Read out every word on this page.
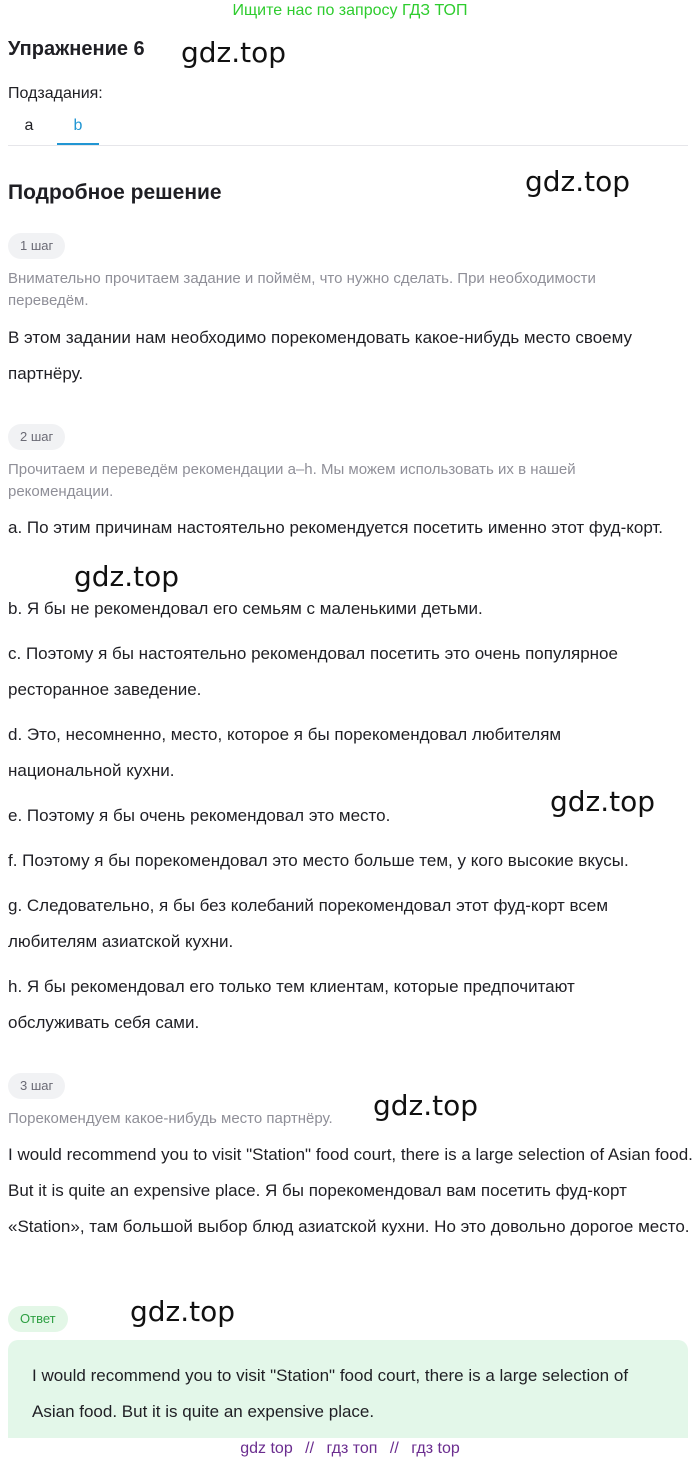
Ищите нас по запросу ГДЗ ТОП
Упражнение 6 gdz.top
Подзадания:
a	b
Подробное решение	gdz.top
1 шаг
Внимательно прочитаем задание и поймём, что нужно сделать. При необходимости переведём.
В этом задании нам необходимо порекомендовать какое-нибудь место своему партнёру.
2 шаг
Прочитаем и переведём рекомендации a–h. Мы можем использовать их в нашей рекомендации.
a. По этим причинам настоятельно рекомендуется посетить именно этот фуд-корт.
gdz.top
b. Я бы не рекомендовал его семьям с маленькими детьми.
c. Поэтому я бы настоятельно рекомендовал посетить это очень популярное ресторанное заведение.
d. Это, несомненно, место, которое я бы порекомендовал любителям национальной кухни.
e. Поэтому я бы очень рекомендовал это место.	gdz.top
f. Поэтому я бы порекомендовал это место больше тем, у кого высокие вкусы.
g. Следовательно, я бы без колебаний порекомендовал этот фуд-корт всем любителям азиатской кухни.
h. Я бы рекомендовал его только тем клиентам, которые предпочитают обслуживать себя сами.
3 шаг
Порекомендуем какое-нибудь место партнёру.	gdz.top
I would recommend you to visit "Station" food court, there is a large selection of Asian food. But it is quite an expensive place. Я бы порекомендовал вам посетить фуд-корт «Station», там большой выбор блюд азиатской кухни. Но это довольно дорогое место.
Ответ	gdz.top
I would recommend you to visit "Station" food court, there is a large selection of Asian food. But it is quite an expensive place.
gdz top // гдз топ // гдз top
